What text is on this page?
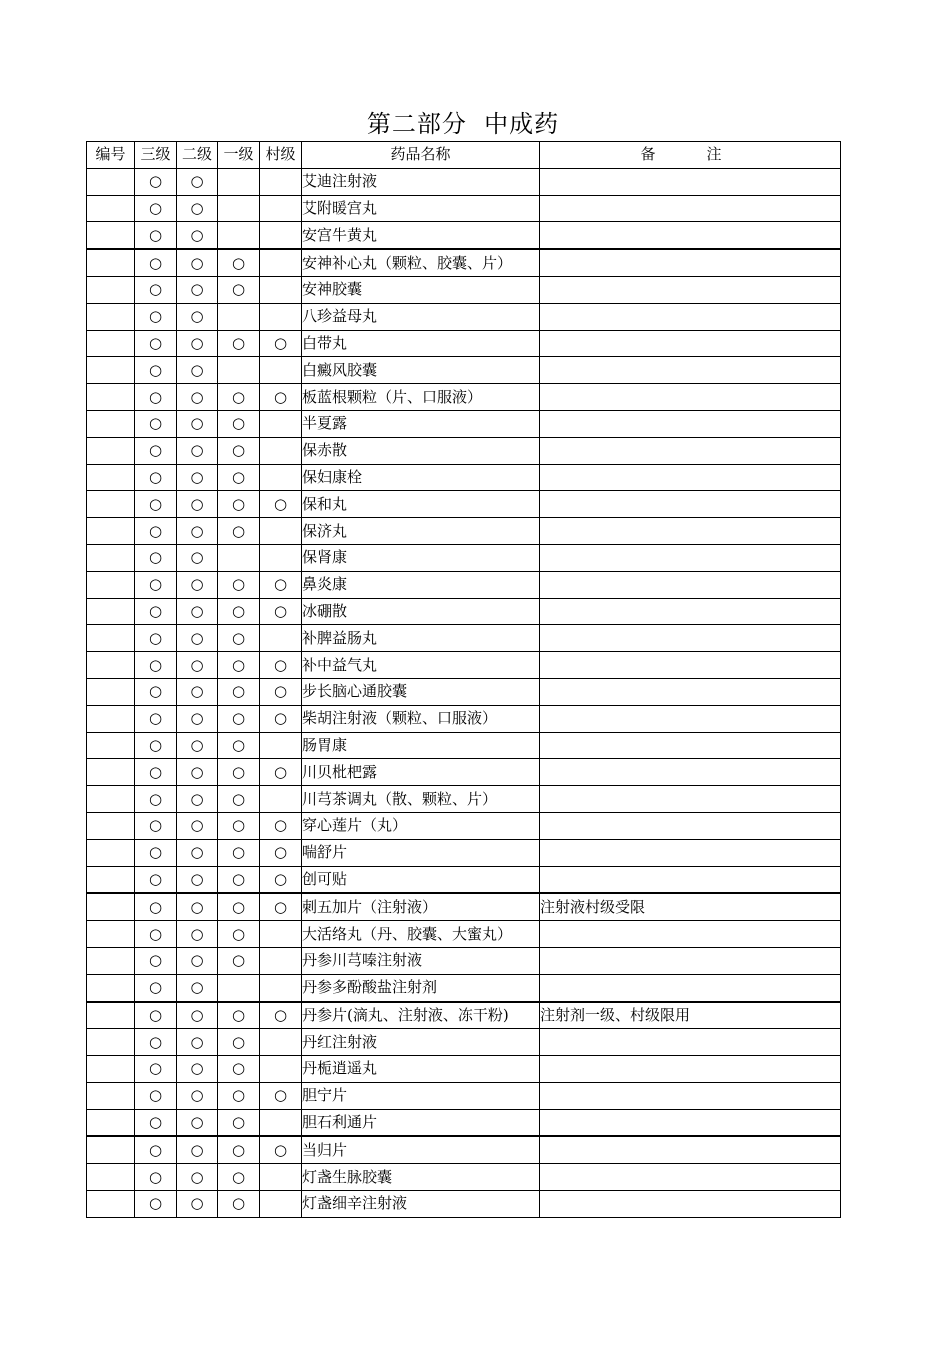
第二部分  中成药
编号	三级	二级	一级	村级	药品名称	备　注
	○	○			艾迪注射液	
	○	○			艾附暖宫丸	
	○	○			安宫牛黄丸	
	○	○	○		安神补心丸（颗粒、胶囊、片）	
	○	○	○		安神胶囊	
	○	○			八珍益母丸	
	○	○	○	○	白带丸	
	○	○			白癜风胶囊	
	○	○	○	○	板蓝根颗粒（片、口服液）	
	○	○	○		半夏露	
	○	○	○		保赤散	
	○	○	○		保妇康栓	
	○	○	○	○	保和丸	
	○	○	○		保济丸	
	○	○			保肾康	
	○	○	○	○	鼻炎康	
	○	○	○	○	冰硼散	
	○	○	○		补脾益肠丸	
	○	○	○	○	补中益气丸	
	○	○	○	○	步长脑心通胶囊	
	○	○	○	○	柴胡注射液（颗粒、口服液）	
	○	○	○		肠胃康	
	○	○	○	○	川贝枇杷露	
	○	○	○		川芎茶调丸（散、颗粒、片）	
	○	○	○	○	穿心莲片（丸）	
	○	○	○	○	喘舒片	
	○	○	○	○	创可贴	
	○	○	○	○	刺五加片（注射液）	注射液村级受限
	○	○	○		大活络丸（丹、胶囊、大蜜丸）	
	○	○	○		丹参川芎嗪注射液	
	○	○			丹参多酚酸盐注射剂	
	○	○	○	○	丹参片(滴丸、注射液、冻干粉)	注射剂一级、村级限用
	○	○	○		丹红注射液	
	○	○	○		丹栀逍遥丸	
	○	○	○	○	胆宁片	
	○	○	○		胆石利通片	
	○	○	○	○	当归片	
	○	○	○		灯盏生脉胶囊	
	○	○	○		灯盏细辛注射液	
